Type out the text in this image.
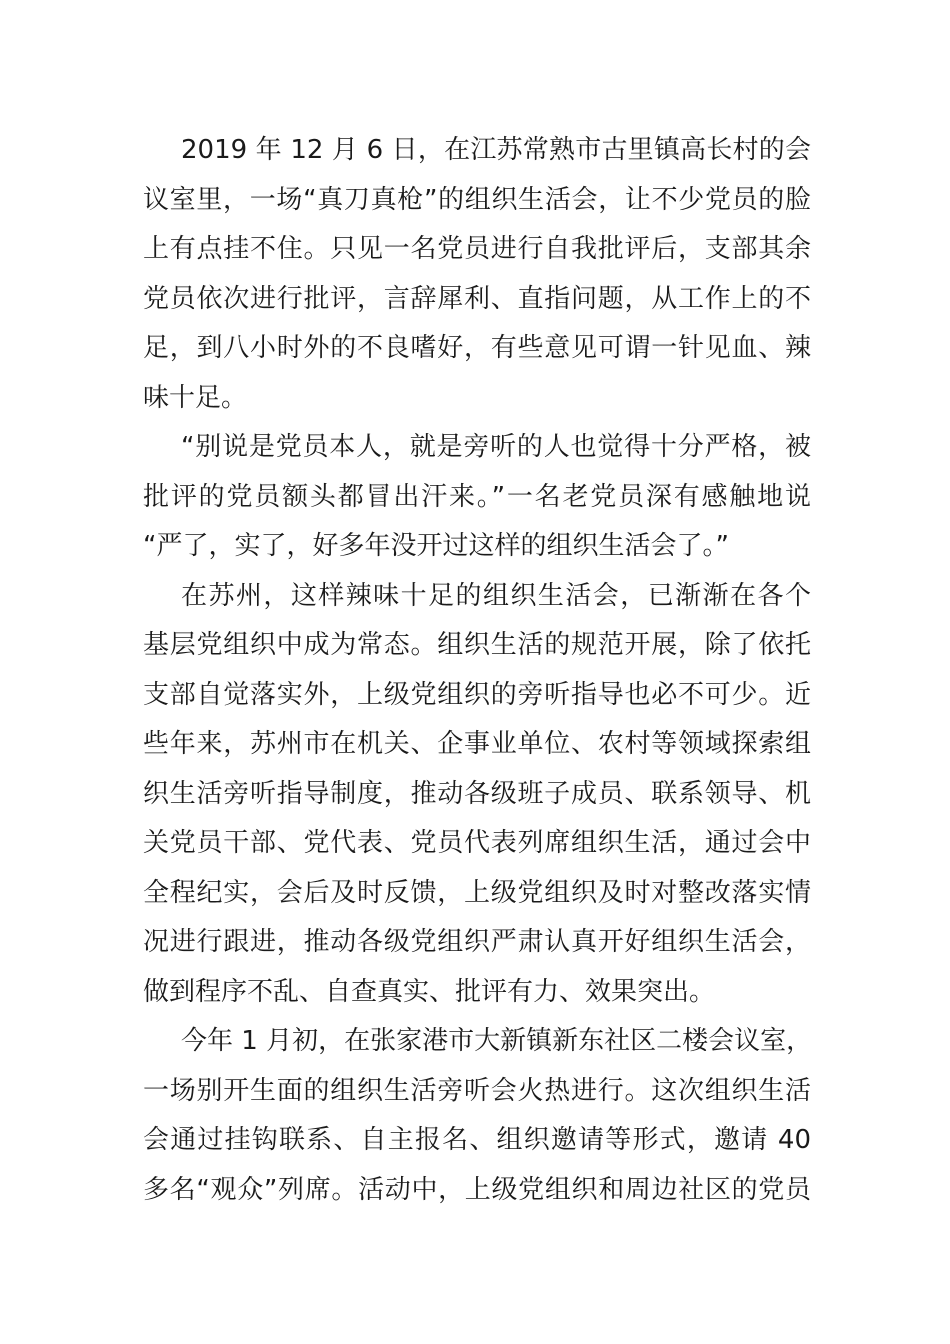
2019 年 12 月 6 日，在江苏常熟市古里镇高长村的会
议室里，一场“真刀真枪”的组织生活会，让不少党员的脸
上有点挂不住。只见一名党员进行自我批评后，支部其余
党员依次进行批评，言辞犀利、直指问题，从工作上的不
足，到八小时外的不良嗜好，有些意见可谓一针见血、辣
味十足。
“别说是党员本人，就是旁听的人也觉得十分严格，被
批评的党员额头都冒出汗来。”一名老党员深有感触地说
“严了，实了，好多年没开过这样的组织生活会了。”
在苏州，这样辣味十足的组织生活会，已渐渐在各个
基层党组织中成为常态。组织生活的规范开展，除了依托
支部自觉落实外，上级党组织的旁听指导也必不可少。近
些年来，苏州市在机关、企事业单位、农村等领域探索组
织生活旁听指导制度，推动各级班子成员、联系领导、机
关党员干部、党代表、党员代表列席组织生活，通过会中
全程纪实，会后及时反馈，上级党组织及时对整改落实情
况进行跟进，推动各级党组织严肃认真开好组织生活会，
做到程序不乱、自查真实、批评有力、效果突出。
今年 1 月初，在张家港市大新镇新东社区二楼会议室，
一场别开生面的组织生活旁听会火热进行。这次组织生活
会通过挂钩联系、自主报名、组织邀请等形式，邀请 40
多名“观众”列席。活动中，上级党组织和周边社区的党员
